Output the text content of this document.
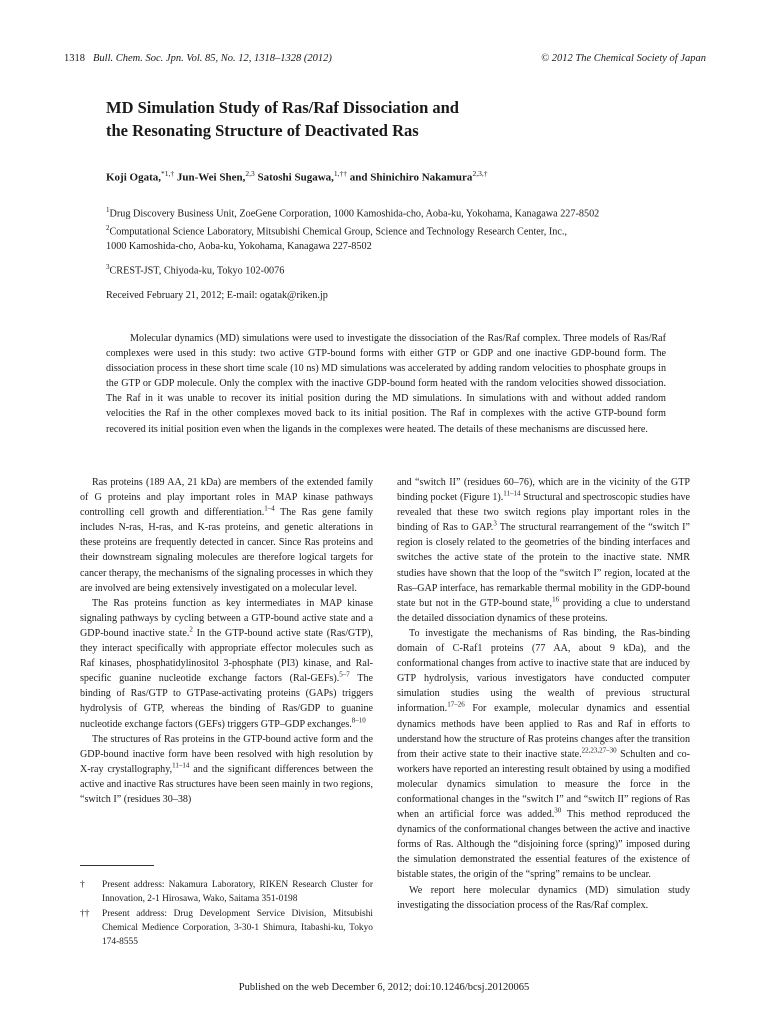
1318 Bull. Chem. Soc. Jpn. Vol. 85, No. 12, 1318–1328 (2012)	© 2012 The Chemical Society of Japan
MD Simulation Study of Ras/Raf Dissociation and
the Resonating Structure of Deactivated Ras
Koji Ogata,$^{*1,\dagger}$ Jun-Wei Shen,$^{2,3}$ Satoshi Sugawa,$^{1,\dagger\dagger}$ and Shinichiro Nakamura$^{2,3,\dagger}$
$^1$Drug Discovery Business Unit, ZoeGene Corporation, 1000 Kamoshida-cho, Aoba-ku, Yokohama, Kanagawa 227-8502
$^2$Computational Science Laboratory, Mitsubishi Chemical Group, Science and Technology Research Center, Inc.,
1000 Kamoshida-cho, Aoba-ku, Yokohama, Kanagawa 227-8502
$^3$CREST-JST, Chiyoda-ku, Tokyo 102-0076
Received February 21, 2012; E-mail: ogatak@riken.jp
Molecular dynamics (MD) simulations were used to investigate the dissociation of the Ras/Raf complex. Three models of Ras/Raf complexes were used in this study: two active GTP-bound forms with either GTP or GDP and one inactive GDP-bound form. The dissociation process in these short time scale (10 ns) MD simulations was accelerated by adding random velocities to phosphate groups in the GTP or GDP molecule. Only the complex with the inactive GDP-bound form heated with the random velocities showed dissociation. The Raf in it was unable to recover its initial position during the MD simulations. In simulations with and without added random velocities the Raf in the other complexes moved back to its initial position. The Raf in complexes with the active GTP-bound form recovered its initial position even when the ligands in the complexes were heated. The details of these mechanisms are discussed here.

Ras proteins (189 AA, 21 kDa) are members of the extended family of G proteins and play important roles in MAP kinase pathways controlling cell growth and differentiation.$^{1-4}$ The Ras gene family includes N-ras, H-ras, and K-ras proteins, and genetic alterations in these proteins are frequently detected in cancer. Since Ras proteins and their downstream signaling molecules are therefore logical targets for cancer therapy, the mechanisms of the signaling processes in which they are involved are being extensively investigated on a molecular level.

The Ras proteins function as key intermediates in MAP kinase signaling pathways by cycling between a GTP-bound active state and a GDP-bound inactive state.$^2$ In the GTP-bound active state (Ras/GTP), they interact specifically with appropriate effector molecules such as Raf kinases, phosphatidylinositol 3-phosphate (PI3) kinase, and Ral-specific guanine nucleotide exchange factors (Ral-GEFs).$^{5-7}$ The binding of Ras/GTP to GTPase-activating proteins (GAPs) triggers hydrolysis of GTP, whereas the binding of Ras/GDP to guanine nucleotide exchange factors (GEFs) triggers GTP–GDP exchanges.$^{8-10}$

The structures of Ras proteins in the GTP-bound active form and the GDP-bound inactive form have been resolved with high resolution by X-ray crystallography,$^{11-14}$ and the significant differences between the active and inactive Ras structures have been seen mainly in two regions, “switch I” (residues 30–38)

and “switch II” (residues 60–76), which are in the vicinity of the GTP binding pocket (Figure 1).$^{11-14}$ Structural and spectroscopic studies have revealed that these two switch regions play important roles in the binding of Ras to GAP.$^3$ The structural rearrangement of the “switch I” region is closely related to the geometries of the binding interfaces and switches the active state of the protein to the inactive state. NMR studies have shown that the loop of the “switch I” region, located at the Ras–GAP interface, has remarkable thermal mobility in the GDP-bound state but not in the GTP-bound state,$^{16}$ providing a clue to understand the detailed dissociation dynamics of these proteins.

To investigate the mechanisms of Ras binding, the Ras-binding domain of C-Raf1 proteins (77 AA, about 9 kDa), and the conformational changes from active to inactive state that are induced by GTP hydrolysis, various investigators have conducted computer simulation studies using the wealth of previous structural information.$^{17-26}$ For example, molecular dynamics and essential dynamics methods have been applied to Ras and Raf in efforts to understand how the structure of Ras proteins changes after the transition from their active state to their inactive state.$^{22,23,27-30}$ Schulten and co-workers have reported an interesting result obtained by using a modified molecular dynamics simulation to measure the force in the conformational changes in the “switch I” and “switch II” regions of Ras when an artificial force was added.$^{30}$ This method reproduced the dynamics of the conformational changes between the active and inactive forms of Ras. Although the “disjoining force (spring)” imposed during the simulation demonstrated the essential features of the existence of bistable states, the origin of the “spring” remains to be unclear.

We report here molecular dynamics (MD) simulation study investigating the dissociation process of the Ras/Raf complex.

†	Present address: Nakamura Laboratory, RIKEN Research Cluster for Innovation, 2-1 Hirosawa, Wako, Saitama 351-0198
††	Present address: Drug Development Service Division, Mitsubishi Chemical Medience Corporation, 3-30-1 Shimura, Itabashi-ku, Tokyo 174-8555
Published on the web December 6, 2012; doi:10.1246/bcsj.20120065
